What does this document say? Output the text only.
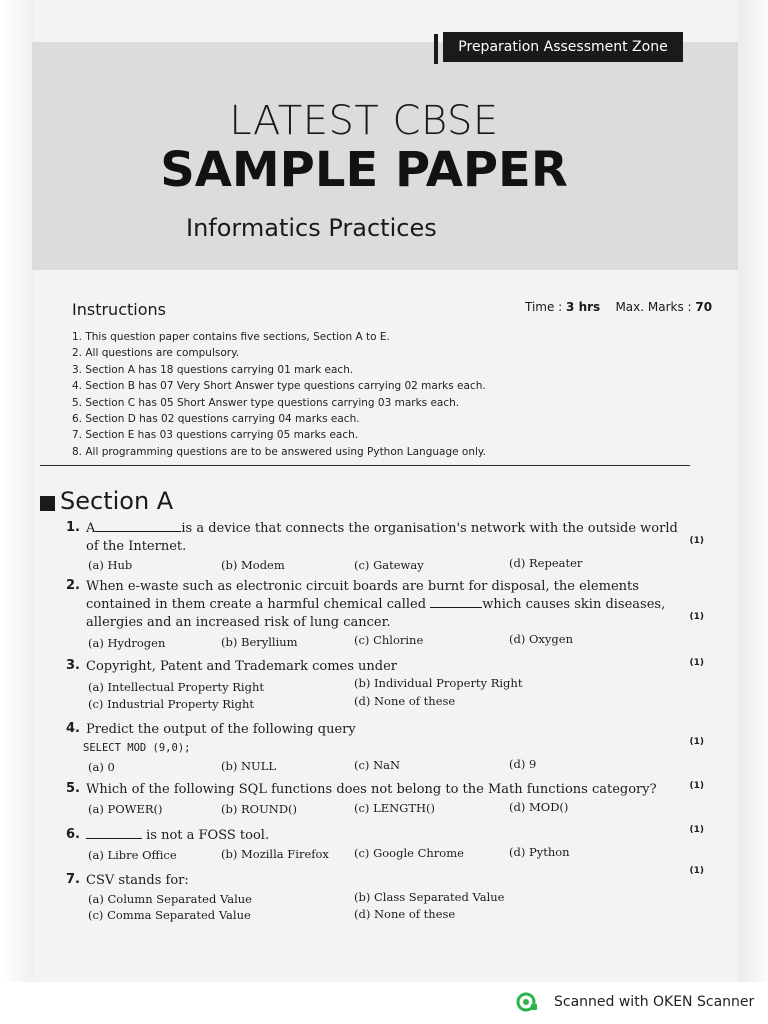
Preparation Assessment Zone
LATEST CBSE
SAMPLE PAPER
Informatics Practices
Instructions	Time : 3 hrs Max. Marks : 70
1. This question paper contains five sections, Section A to E.
2. All questions are compulsory.
3. Section A has 18 questions carrying 01 mark each.
4. Section B has 07 Very Short Answer type questions carrying 02 marks each.
5. Section C has 05 Short Answer type questions carrying 03 marks each.
6. Section D has 02 questions carrying 04 marks each.
7. Section E has 03 questions carrying 05 marks each.
8. All programming questions are to be answered using Python Language only.
Section A
1. A	is a device that connects the organisation's network with the outside world of the Internet.	(1)
(a) Hub	(b) Modem	(c) Gateway	(d) Repeater
2. When e-waste such as electronic circuit boards are burnt for disposal, the elements contained in them create a harmful chemical called	which causes skin diseases, allergies and an increased risk of lung cancer.	(1)
(a) Hydrogen	(b) Beryllium	(c) Chlorine	(d) Oxygen
3. Copyright, Patent and Trademark comes under	(1)
(a) Intellectual Property Right	(b) Individual Property Right
(c) Industrial Property Right	(d) None of these
4. Predict the output of the following query
SELECT MOD (9,0);	(1)
(a) 0	(b) NULL	(c) NaN	(d) 9
5. Which of the following SQL functions does not belong to the Math functions category?	(1)
(a) POWER()	(b) ROUND()	(c) LENGTH()	(d) MOD()
6.	is not a FOSS tool.	(1)
(a) Libre Office	(b) Mozilla Firefox (c) Google Chrome	(d) Python
7. CSV stands for:
(1)
(a) Column Separated Value	(b) Class Separated Value
(c) Comma Separated Value	(d) None of these
Scanned with OKEN Scanner
